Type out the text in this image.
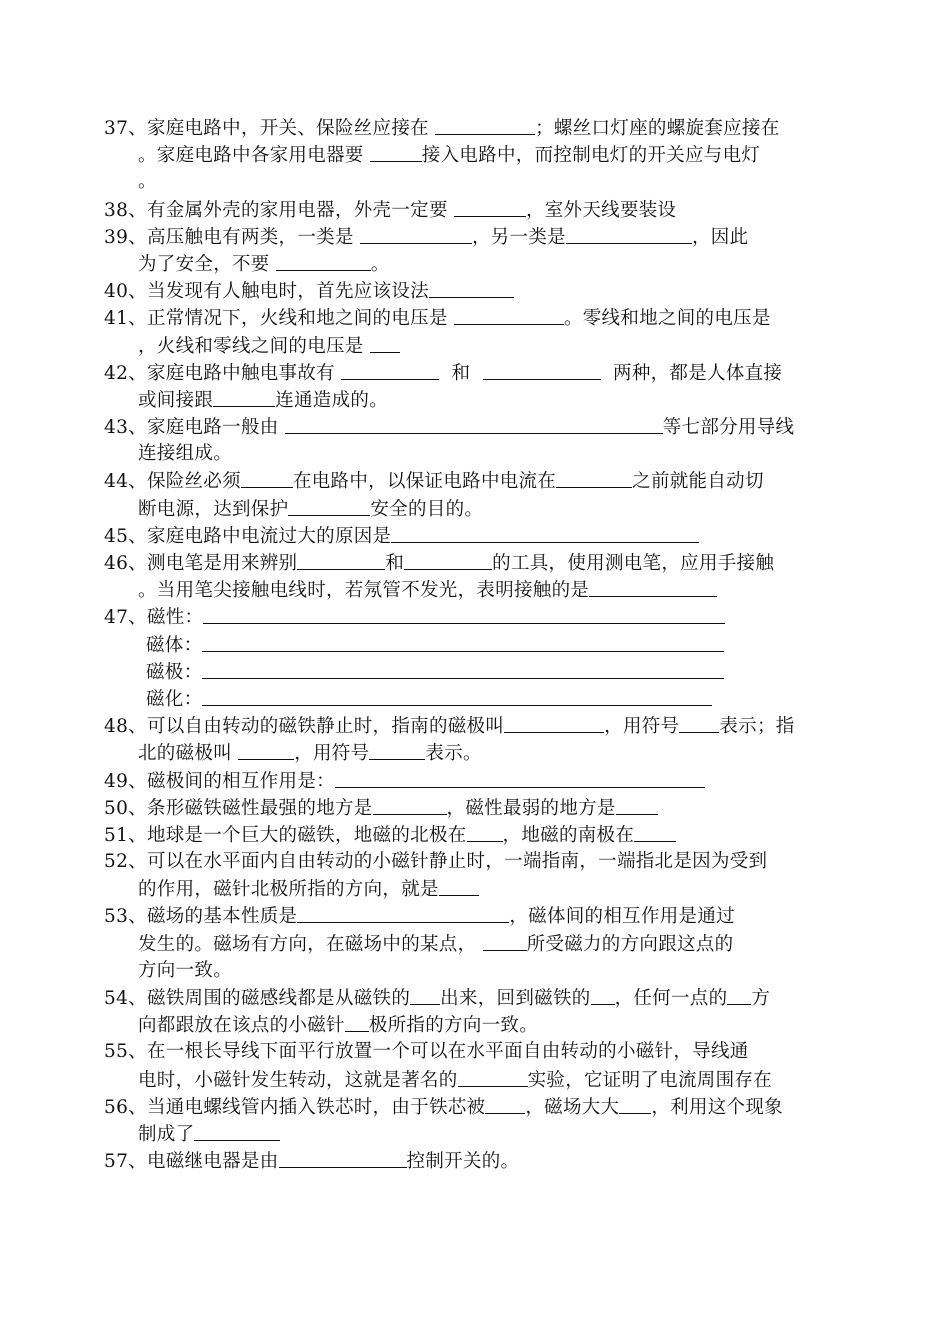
37、家庭电路中，开关、保险丝应接在	；螺丝口灯座的螺旋套应接在
。家庭电路中各家用电器要	接入电路中，而控制电灯的开关应与电灯
。
38、有金属外壳的家用电器，外壳一定要	，室外天线要装设
39、高压触电有两类，一类是	，另一类是	，因此
为了安全，不要	。
40、当发现有人触电时，首先应该设法
41、正常情况下，火线和地之间的电压是	。零线和地之间的电压是
，火线和零线之间的电压是
42、家庭电路中触电事故有	和	两种，都是人体直接
或间接跟	连通造成的。
43、家庭电路一般由	等七部分用导线
连接组成。
44、保险丝必须	在电路中，以保证电路中电流在	之前就能自动切
断电源，达到保护	安全的目的。
45、家庭电路中电流过大的原因是
46、测电笔是用来辨别	和	的工具，使用测电笔，应用手接触
。当用笔尖接触电线时，若氖管不发光，表明接触的是
47、磁性：
磁体：
磁极：
磁化：
48、可以自由转动的磁铁静止时，指南的磁极叫	，用符号 表示；指
北的磁极叫	，用符号	表示。
49、磁极间的相互作用是：
50、条形磁铁磁性最强的地方是	，磁性最弱的地方是
51、地球是一个巨大的磁铁，地磁的北极在 ，地磁的南极在
52、可以在水平面内自由转动的小磁针静止时，一端指南，一端指北是因为受到
的作用，磁针北极所指的方向，就是
53、磁场的基本性质是	，磁体间的相互作用是通过
发生的。磁场有方向，在磁场中的某点， 所受磁力的方向跟这点的
方向一致。
54、磁铁周围的磁感线都是从磁铁的 出来，回到磁铁的 ，任何一点的 方
向都跟放在该点的小磁针 极所指的方向一致。
55、在一根长导线下面平行放置一个可以在水平面自由转动的小磁针，导线通
电时，小磁针发生转动，这就是著名的	实验，它证明了电流周围存在
56、当通电螺线管内插入铁芯时，由于铁芯被 ，磁场大大 ，利用这个现象
制成了
57、电磁继电器是由	控制开关的。
